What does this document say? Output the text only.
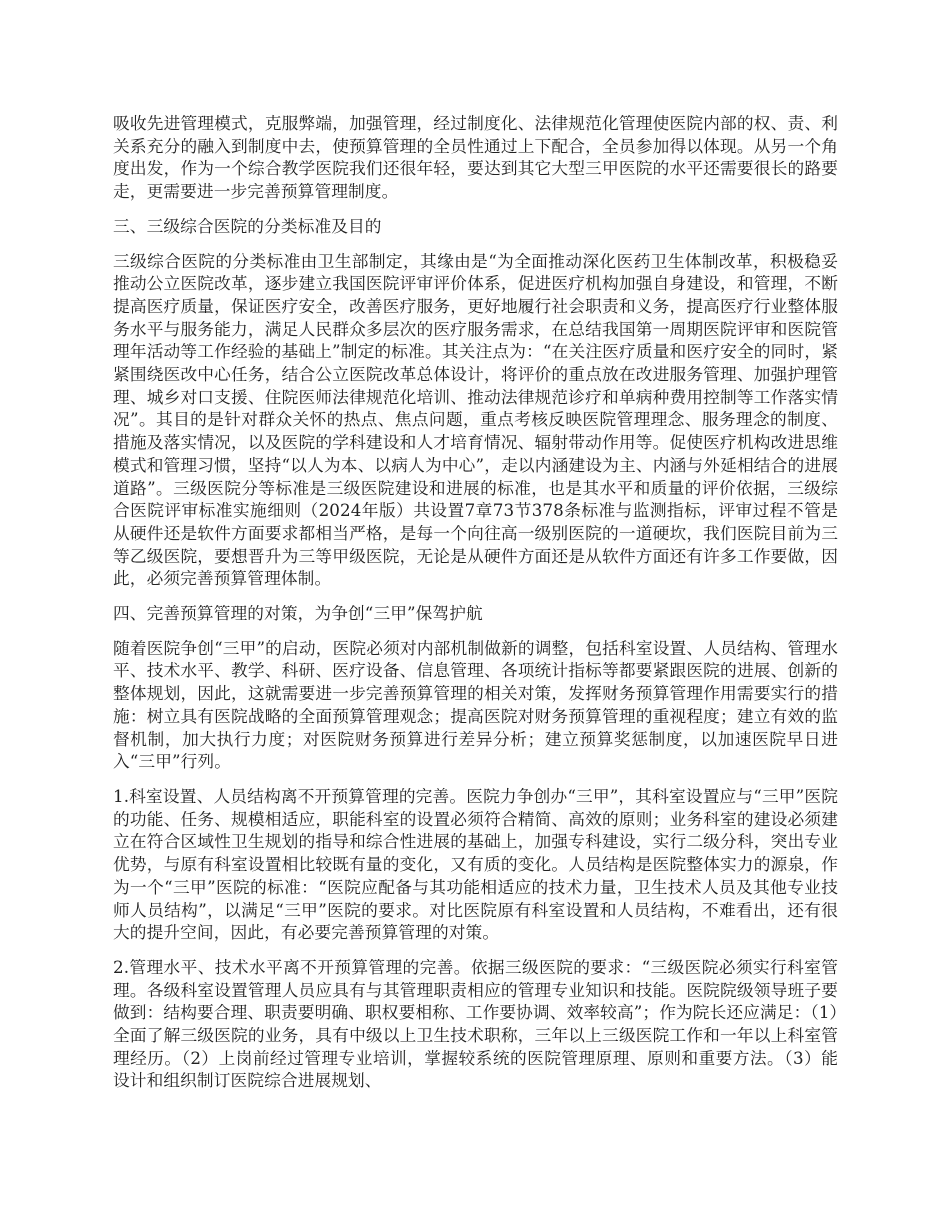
吸收先进管理模式，克服弊端，加强管理，经过制度化、法律规范化管理使医院内部的权、责、利关系充分的融入到制度中去，使预算管理的全员性通过上下配合，全员参加得以体现。从另一个角度出发，作为一个综合教学医院我们还很年轻，要达到其它大型三甲医院的水平还需要很长的路要走，更需要进一步完善预算管理制度。

三、三级综合医院的分类标准及目的

三级综合医院的分类标准由卫生部制定，其缘由是“为全面推动深化医药卫生体制改革，积极稳妥推动公立医院改革，逐步建立我国医院评审评价体系，促进医疗机构加强自身建设，和管理，不断提高医疗质量，保证医疗安全，改善医疗服务，更好地履行社会职责和义务，提高医疗行业整体服务水平与服务能力，满足人民群众多层次的医疗服务需求，在总结我国第一周期医院评审和医院管理年活动等工作经验的基础上”制定的标准。其关注点为：“在关注医疗质量和医疗安全的同时，紧紧围绕医改中心任务，结合公立医院改革总体设计，将评价的重点放在改进服务管理、加强护理管理、城乡对口支援、住院医师法律规范化培训、推动法律规范诊疗和单病种费用控制等工作落实情况”。其目的是针对群众关怀的热点、焦点问题，重点考核反映医院管理理念、服务理念的制度、措施及落实情况，以及医院的学科建设和人才培育情况、辐射带动作用等。促使医疗机构改进思维模式和管理习惯，坚持“以人为本、以病人为中心”，走以内涵建设为主、内涵与外延相结合的进展道路”。三级医院分等标准是三级医院建设和进展的标准，也是其水平和质量的评价依据，三级综合医院评审标准实施细则（2024年版）共设置7章73节378条标准与监测指标，评审过程不管是从硬件还是软件方面要求都相当严格，是每一个向往高一级别医院的一道硬坎，我们医院目前为三等乙级医院，要想晋升为三等甲级医院，无论是从硬件方面还是从软件方面还有许多工作要做，因此，必须完善预算管理体制。

四、完善预算管理的对策，为争创“三甲”保驾护航

随着医院争创“三甲”的启动，医院必须对内部机制做新的调整，包括科室设置、人员结构、管理水平、技术水平、教学、科研、医疗设备、信息管理、各项统计指标等都要紧跟医院的进展、创新的整体规划，因此，这就需要进一步完善预算管理的相关对策，发挥财务预算管理作用需要实行的措施：树立具有医院战略的全面预算管理观念；提高医院对财务预算管理的重视程度；建立有效的监督机制，加大执行力度；对医院财务预算进行差异分析；建立预算奖惩制度，以加速医院早日进入“三甲”行列。

1.科室设置、人员结构离不开预算管理的完善。医院力争创办“三甲”，其科室设置应与“三甲”医院的功能、任务、规模相适应，职能科室的设置必须符合精简、高效的原则；业务科室的建设必须建立在符合区域性卫生规划的指导和综合性进展的基础上，加强专科建设，实行二级分科，突出专业优势，与原有科室设置相比较既有量的变化，又有质的变化。人员结构是医院整体实力的源泉，作为一个“三甲”医院的标准：“医院应配备与其功能相适应的技术力量，卫生技术人员及其他专业技师人员结构”，以满足“三甲”医院的要求。对比医院原有科室设置和人员结构，不难看出，还有很大的提升空间，因此，有必要完善预算管理的对策。

2.管理水平、技术水平离不开预算管理的完善。依据三级医院的要求：“三级医院必须实行科室管理。各级科室设置管理人员应具有与其管理职责相应的管理专业知识和技能。医院院级领导班子要做到：结构要合理、职责要明确、职权要相称、工作要协调、效率较高”；作为院长还应满足：（1）全面了解三级医院的业务，具有中级以上卫生技术职称，三年以上三级医院工作和一年以上科室管理经历。（2）上岗前经过管理专业培训，掌握较系统的医院管理原理、原则和重要方法。（3）能设计和组织制订医院综合进展规划、
